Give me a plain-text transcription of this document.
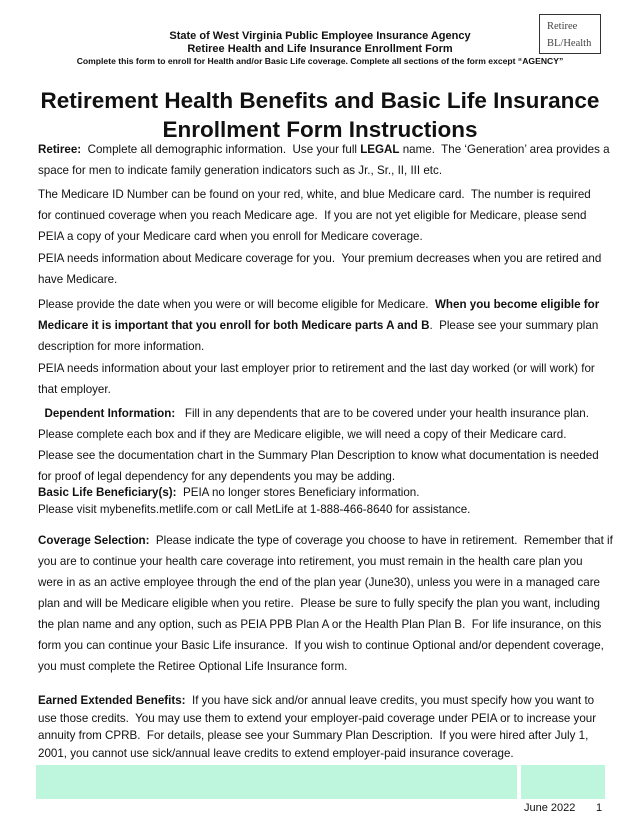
State of West Virginia Public Employee Insurance Agency
Retiree Health and Life Insurance Enrollment Form
Complete this form to enroll for Health and/or Basic Life coverage. Complete all sections of the form except “AGENCY”
Retiree
BL/Health
Retirement Health Benefits and Basic Life Insurance
Enrollment Form Instructions
Retiree:  Complete all demographic information.  Use your full LEGAL name.  The ‘Generation’ area provides a
space for men to indicate family generation indicators such as Jr., Sr., II, III etc.
The Medicare ID Number can be found on your red, white, and blue Medicare card.  The number is required
for continued coverage when you reach Medicare age.  If you are not yet eligible for Medicare, please send
PEIA a copy of your Medicare card when you enroll for Medicare coverage.
PEIA needs information about Medicare coverage for you.  Your premium decreases when you are retired and
have Medicare.
Please provide the date when you were or will become eligible for Medicare.  When you become eligible for
Medicare it is important that you enroll for both Medicare parts A and B.  Please see your summary plan
description for more information.
PEIA needs information about your last employer prior to retirement and the last day worked (or will work) for
that employer.
Dependent Information:   Fill in any dependents that are to be covered under your health insurance plan.
Please complete each box and if they are Medicare eligible, we will need a copy of their Medicare card.
Please see the documentation chart in the Summary Plan Description to know what documentation is needed
for proof of legal dependency for any dependents you may be adding.
Basic Life Beneficiary(s):  PEIA no longer stores Beneficiary information.
Please visit mybenefits.metlife.com or call MetLife at 1-888-466-8640 for assistance.
Coverage Selection:  Please indicate the type of coverage you choose to have in retirement.  Remember that if
you are to continue your health care coverage into retirement, you must remain in the health care plan you
were in as an active employee through the end of the plan year (June30), unless you were in a managed care
plan and will be Medicare eligible when you retire.  Please be sure to fully specify the plan you want, including
the plan name and any option, such as PEIA PPB Plan A or the Health Plan Plan B.  For life insurance, on this
form you can continue your Basic Life insurance.  If you wish to continue Optional and/or dependent coverage,
you must complete the Retiree Optional Life Insurance form.
Earned Extended Benefits:  If you have sick and/or annual leave credits, you must specify how you want to
use those credits.  You may use them to extend your employer-paid coverage under PEIA or to increase your
annuity from CPRB.  For details, please see your Summary Plan Description.  If you were hired after July 1,
2001, you cannot use sick/annual leave credits to extend employer-paid insurance coverage.
June 2022 1
